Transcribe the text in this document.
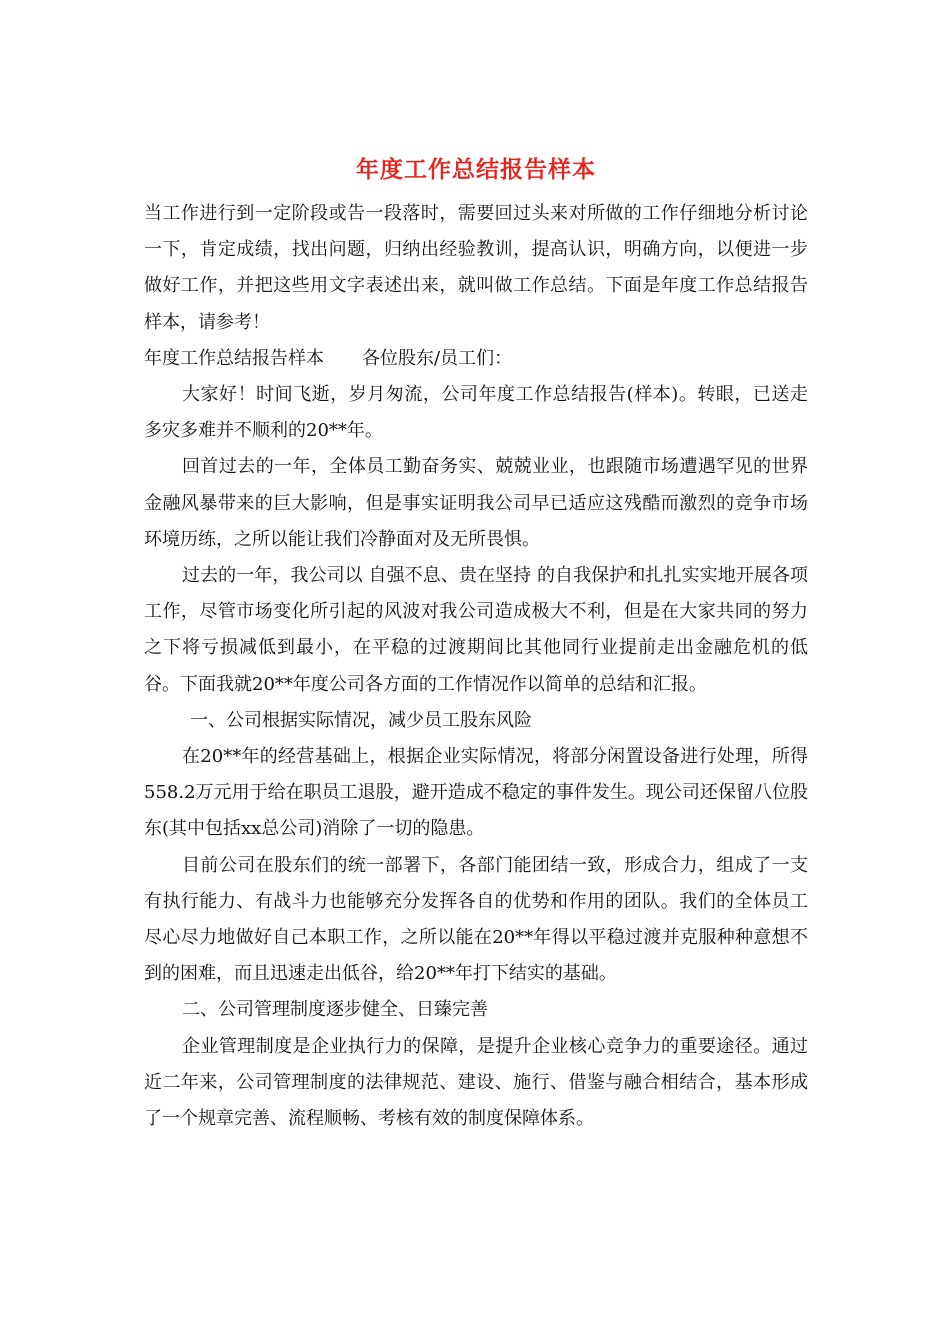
年度工作总结报告样本

当工作进行到一定阶段或告一段落时，需要回过头来对所做的工作仔细地分析讨论一下，肯定成绩，找出问题，归纳出经验教训，提高认识，明确方向，以便进一步做好工作，并把这些用文字表述出来，就叫做工作总结。下面是年度工作总结报告样本，请参考！

年度工作总结报告样本 各位股东/员工们：

大家好！时间飞逝，岁月匆流，公司年度工作总结报告(样本)。转眼，已送走多灾多难并不顺利的20**年。

回首过去的一年，全体员工勤奋务实、兢兢业业，也跟随市场遭遇罕见的世界金融风暴带来的巨大影响，但是事实证明我公司早已适应这残酷而激烈的竞争市场环境历练，之所以能让我们冷静面对及无所畏惧。

过去的一年，我公司以 自强不息、贵在坚持 的自我保护和扎扎实实地开展各项工作，尽管市场变化所引起的风波对我公司造成极大不利，但是在大家共同的努力之下将亏损减低到最小，在平稳的过渡期间比其他同行业提前走出金融危机的低谷。下面我就20**年度公司各方面的工作情况作以简单的总结和汇报。

一、公司根据实际情况，减少员工股东风险

在20**年的经营基础上，根据企业实际情况，将部分闲置设备进行处理，所得558.2万元用于给在职员工退股，避开造成不稳定的事件发生。现公司还保留八位股东(其中包括xx总公司)消除了一切的隐患。

目前公司在股东们的统一部署下，各部门能团结一致，形成合力，组成了一支有执行能力、有战斗力也能够充分发挥各自的优势和作用的团队。我们的全体员工尽心尽力地做好自己本职工作，之所以能在20**年得以平稳过渡并克服种种意想不到的困难，而且迅速走出低谷，给20**年打下结实的基础。

二、公司管理制度逐步健全、日臻完善

企业管理制度是企业执行力的保障，是提升企业核心竞争力的重要途径。通过近二年来，公司管理制度的法律规范、建设、施行、借鉴与融合相结合，基本形成了一个规章完善、流程顺畅、考核有效的制度保障体系。
